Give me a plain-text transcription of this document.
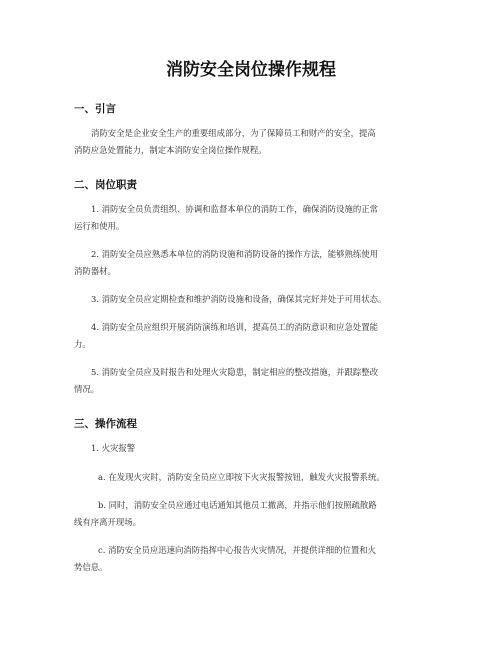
消防安全岗位操作规程
一、引言

消防安全是企业安全生产的重要组成部分，为了保障员工和财产的安全，提高
消防应急处置能力，制定本消防安全岗位操作规程。

二、岗位职责

1. 消防安全员负责组织、协调和监督本单位的消防工作，确保消防设施的正常
运行和使用。

2. 消防安全员应熟悉本单位的消防设施和消防设备的操作方法，能够熟练使用
消防器材。

3. 消防安全员应定期检查和维护消防设施和设备，确保其完好并处于可用状态。

4. 消防安全员应组织开展消防演练和培训，提高员工的消防意识和应急处置能
力。

5. 消防安全员应及时报告和处理火灾隐患，制定相应的整改措施，并跟踪整改
情况。

三、操作流程

1. 火灾报警

a. 在发现火灾时，消防安全员应立即按下火灾报警按钮，触发火灾报警系统。

b. 同时，消防安全员应通过电话通知其他员工撤离，并指示他们按照疏散路
线有序离开现场。

c. 消防安全员应迅速向消防指挥中心报告火灾情况，并提供详细的位置和火
势信息。
